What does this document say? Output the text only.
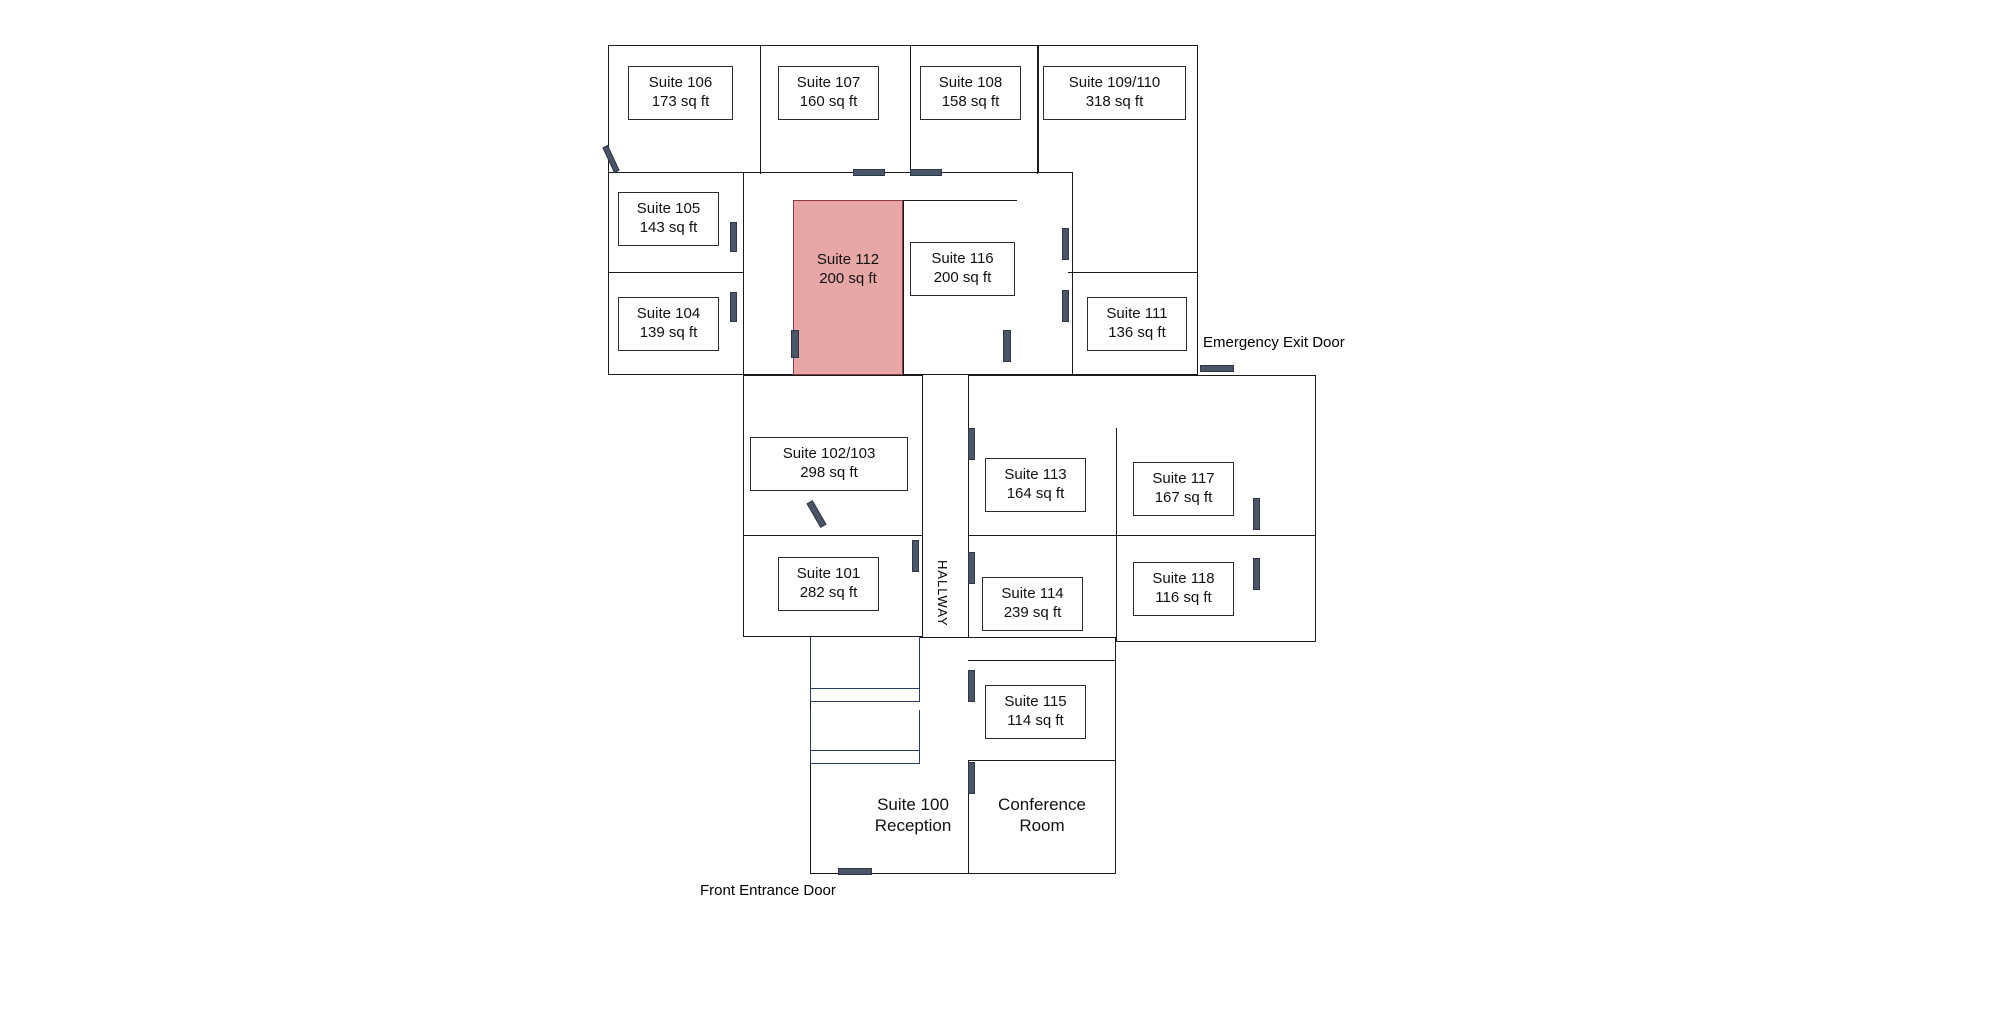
Suite 106
173 sq ft
Suite 107
160 sq ft
Suite 108
158 sq ft
Suite 109/110
318 sq ft
Suite 105
143 sq ft
Suite 104
139 sq ft
Suite 112
200 sq ft
Suite 116
200 sq ft
Suite 111
136 sq ft
Suite 102/103
298 sq ft
Suite 101
282 sq ft
Suite 113
164 sq ft
Suite 117
167 sq ft
Suite 114
239 sq ft
Suite 118
116 sq ft
Suite 115
114 sq ft
Suite 100
Reception
Conference
Room
HALLWAY
Emergency Exit Door
Front Entrance Door
